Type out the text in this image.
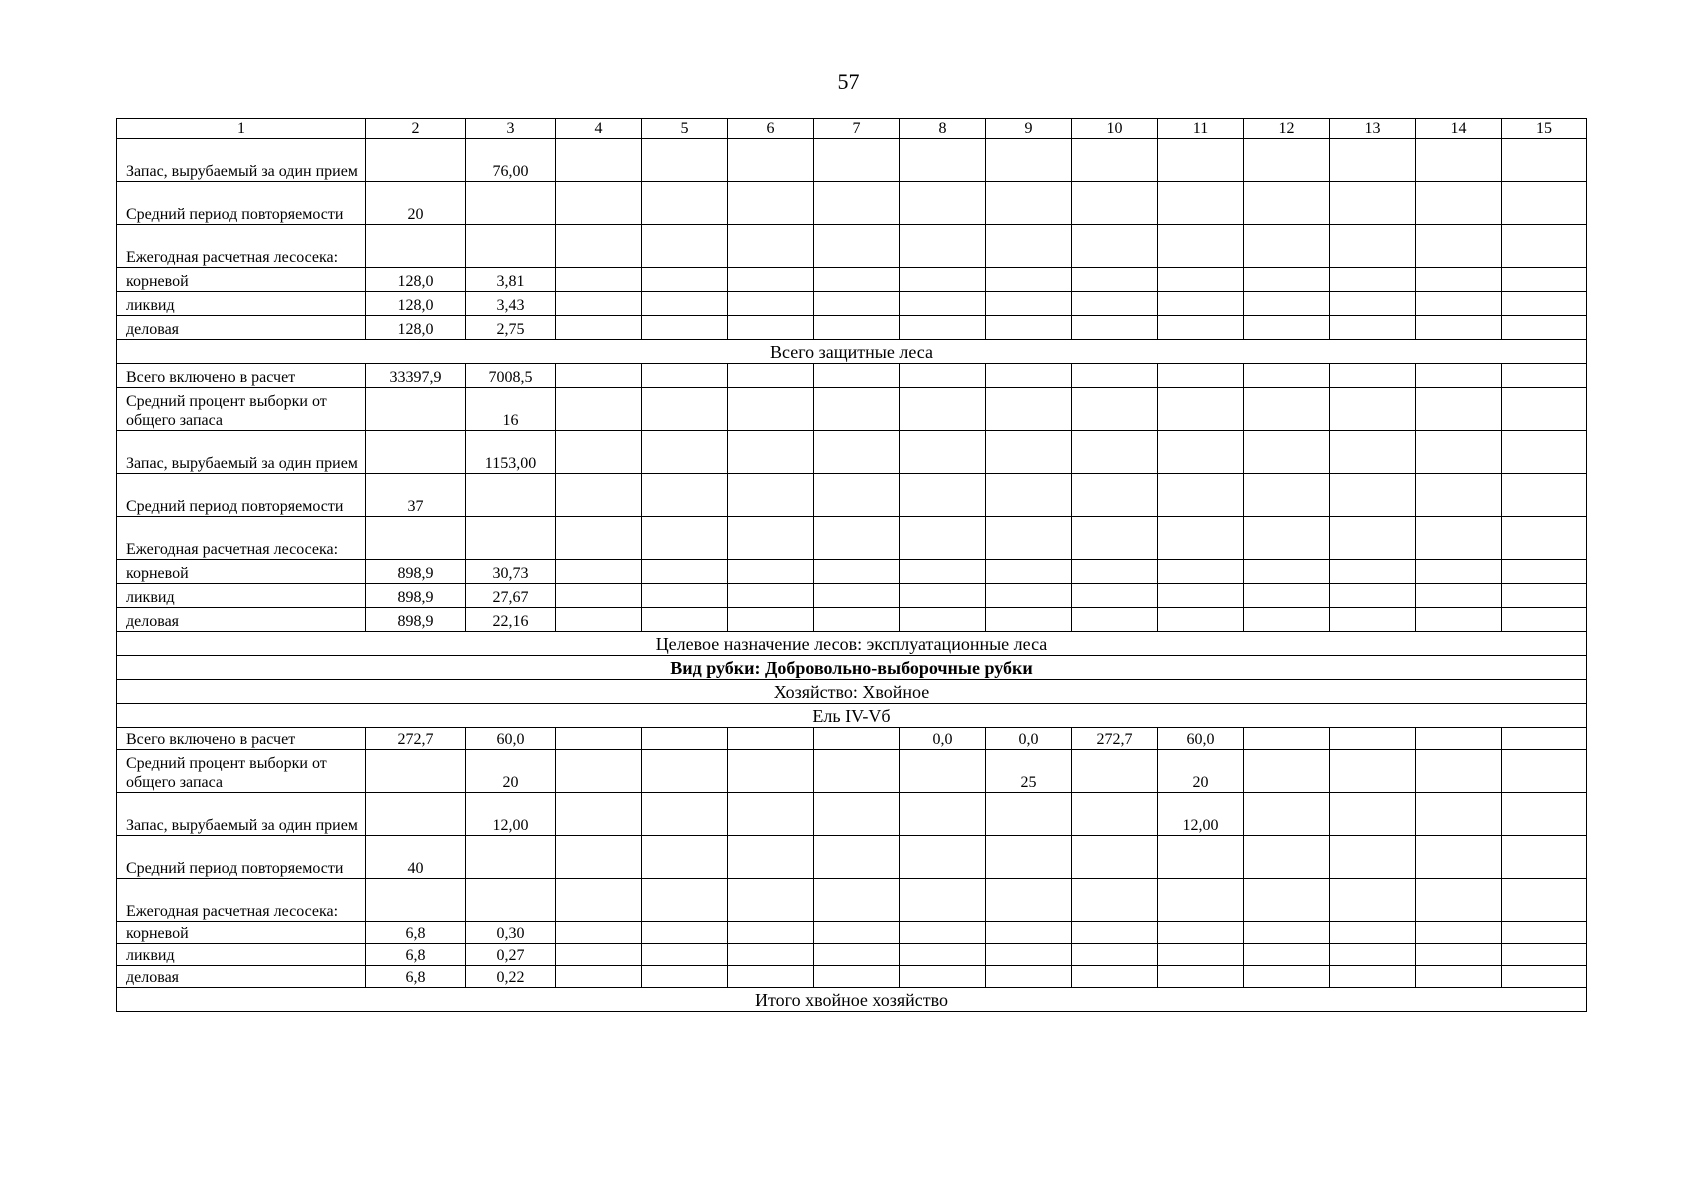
57
1	2	3	4	5	6	7	8	9	10	11	12	13	14	15
Запас, вырубаемый за один прием		76,00												
Средний период повторяемости	20													
Ежегодная расчетная лесосека:														
корневой	128,0	3,81												
ликвид	128,0	3,43												
деловая	128,0	2,75												
Всего защитные леса														
Всего включено в расчет	33397,9	7008,5												
Средний процент выборки от общего запаса		16												
Запас, вырубаемый за один прием		1153,00												
Средний период повторяемости	37													
Ежегодная расчетная лесосека:														
корневой	898,9	30,73												
ликвид	898,9	27,67												
деловая	898,9	22,16												
Целевое назначение лесов: эксплуатационные леса														
Вид рубки: Добровольно-выборочные рубки														
Хозяйство: Хвойное														
Ель IV-Vб														
Всего включено в расчет	272,7	60,0					0,0	0,0	272,7	60,0				
Средний процент выборки от общего запаса		20						25		20				
Запас, вырубаемый за один прием		12,00								12,00				
Средний период повторяемости	40													
Ежегодная расчетная лесосека:														
корневой	6,8	0,30												
ликвид	6,8	0,27												
деловая	6,8	0,22												
Итого хвойное хозяйство														
